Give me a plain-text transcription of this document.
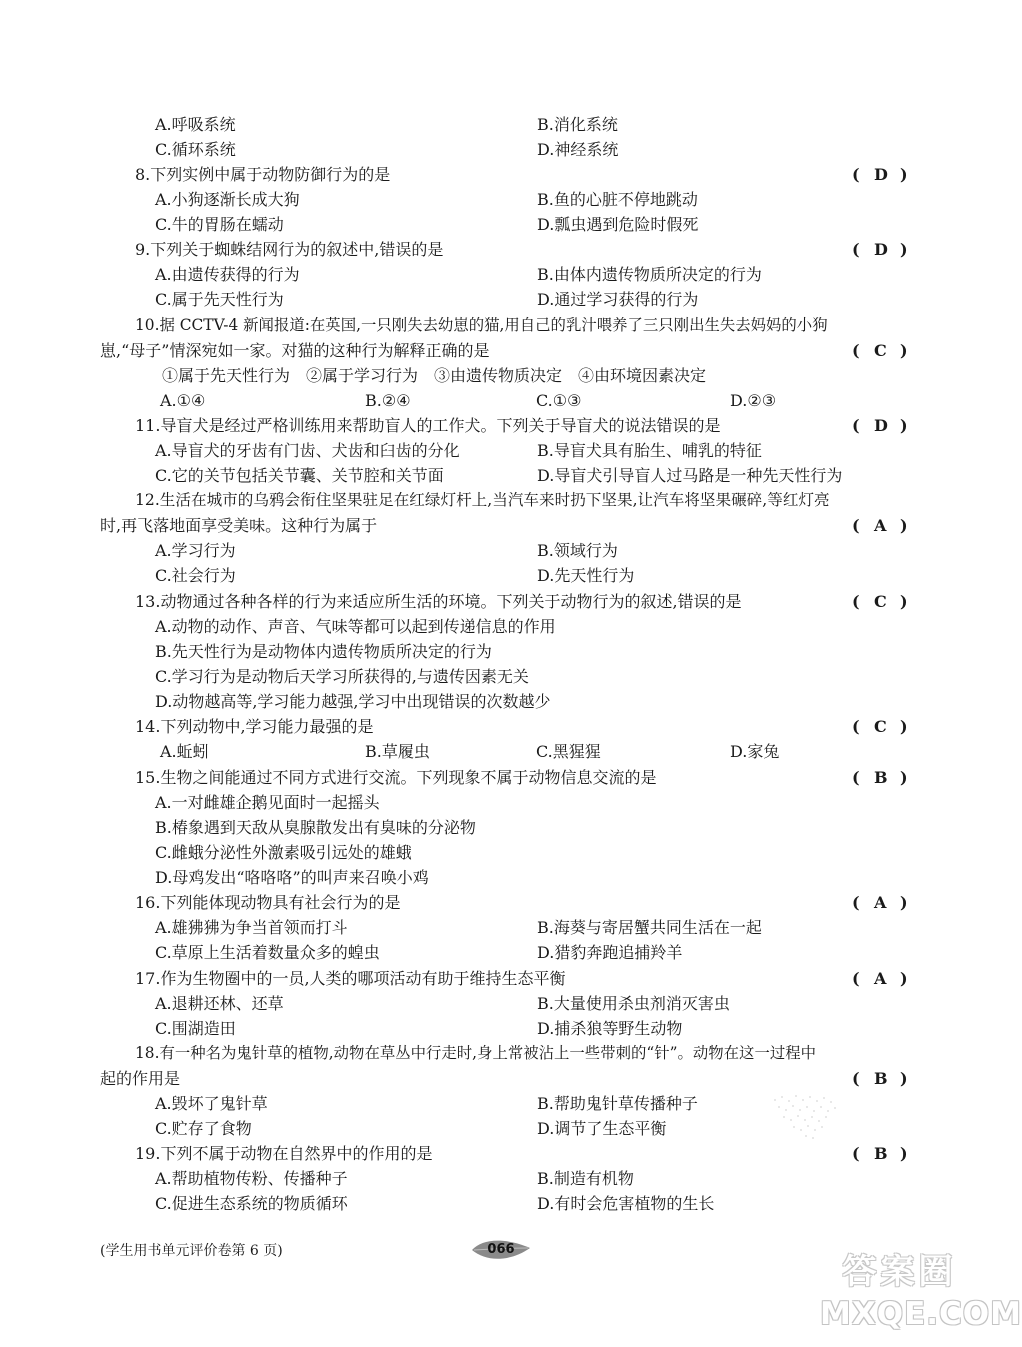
A.呼吸系统	B.消化系统
C.循环系统	D.神经系统
8.下列实例中属于动物防御行为的是	( D )
A.小狗逐渐长成大狗	B.鱼的心脏不停地跳动
C.牛的胃肠在蠕动	D.瓢虫遇到危险时假死
9.下列关于蜘蛛结网行为的叙述中,错误的是	( D )
A.由遗传获得的行为	B.由体内遗传物质所决定的行为
C.属于先天性行为	D.通过学习获得的行为
10.据 CCTV-4 新闻报道:在英国,一只刚失去幼崽的猫,用自己的乳汁喂养了三只刚出生失去妈妈的小狗
崽,“母子”情深宛如一家。对猫的这种行为解释正确的是	( C )
①属于先天性行为　②属于学习行为　③由遗传物质决定　④由环境因素决定
A.①④	B.②④	C.①③	D.②③
11.导盲犬是经过严格训练用来帮助盲人的工作犬。下列关于导盲犬的说法错误的是	( D )
A.导盲犬的牙齿有门齿、犬齿和臼齿的分化	B.导盲犬具有胎生、哺乳的特征
C.它的关节包括关节囊、关节腔和关节面	D.导盲犬引导盲人过马路是一种先天性行为
12.生活在城市的乌鸦会衔住坚果驻足在红绿灯杆上,当汽车来时扔下坚果,让汽车将坚果碾碎,等红灯亮
时,再飞落地面享受美味。这种行为属于	( A )
A.学习行为	B.领域行为
C.社会行为	D.先天性行为
13.动物通过各种各样的行为来适应所生活的环境。下列关于动物行为的叙述,错误的是	( C )
A.动物的动作、声音、气味等都可以起到传递信息的作用
B.先天性行为是动物体内遗传物质所决定的行为
C.学习行为是动物后天学习所获得的,与遗传因素无关
D.动物越高等,学习能力越强,学习中出现错误的次数越少
14.下列动物中,学习能力最强的是	( C )
A.蚯蚓	B.草履虫	C.黑猩猩	D.家兔
15.生物之间能通过不同方式进行交流。下列现象不属于动物信息交流的是	( B )
A.一对雌雄企鹅见面时一起摇头
B.椿象遇到天敌从臭腺散发出有臭味的分泌物
C.雌蛾分泌性外激素吸引远处的雄蛾
D.母鸡发出“咯咯咯”的叫声来召唤小鸡
16.下列能体现动物具有社会行为的是	( A )
A.雄狒狒为争当首领而打斗	B.海葵与寄居蟹共同生活在一起
C.草原上生活着数量众多的蝗虫	D.猎豹奔跑追捕羚羊
17.作为生物圈中的一员,人类的哪项活动有助于维持生态平衡	( A )
A.退耕还林、还草	B.大量使用杀虫剂消灭害虫
C.围湖造田	D.捕杀狼等野生动物
18.有一种名为鬼针草的植物,动物在草丛中行走时,身上常被沾上一些带刺的“针”。动物在这一过程中
起的作用是	( B )
A.毁坏了鬼针草	B.帮助鬼针草传播种子
C.贮存了食物	D.调节了生态平衡
19.下列不属于动物在自然界中的作用的是	( B )
A.帮助植物传粉、传播种子	B.制造有机物
C.促进生态系统的物质循环	D.有时会危害植物的生长
(学生用书单元评价卷第 6 页)	066
答案圈
MXQE.COM
